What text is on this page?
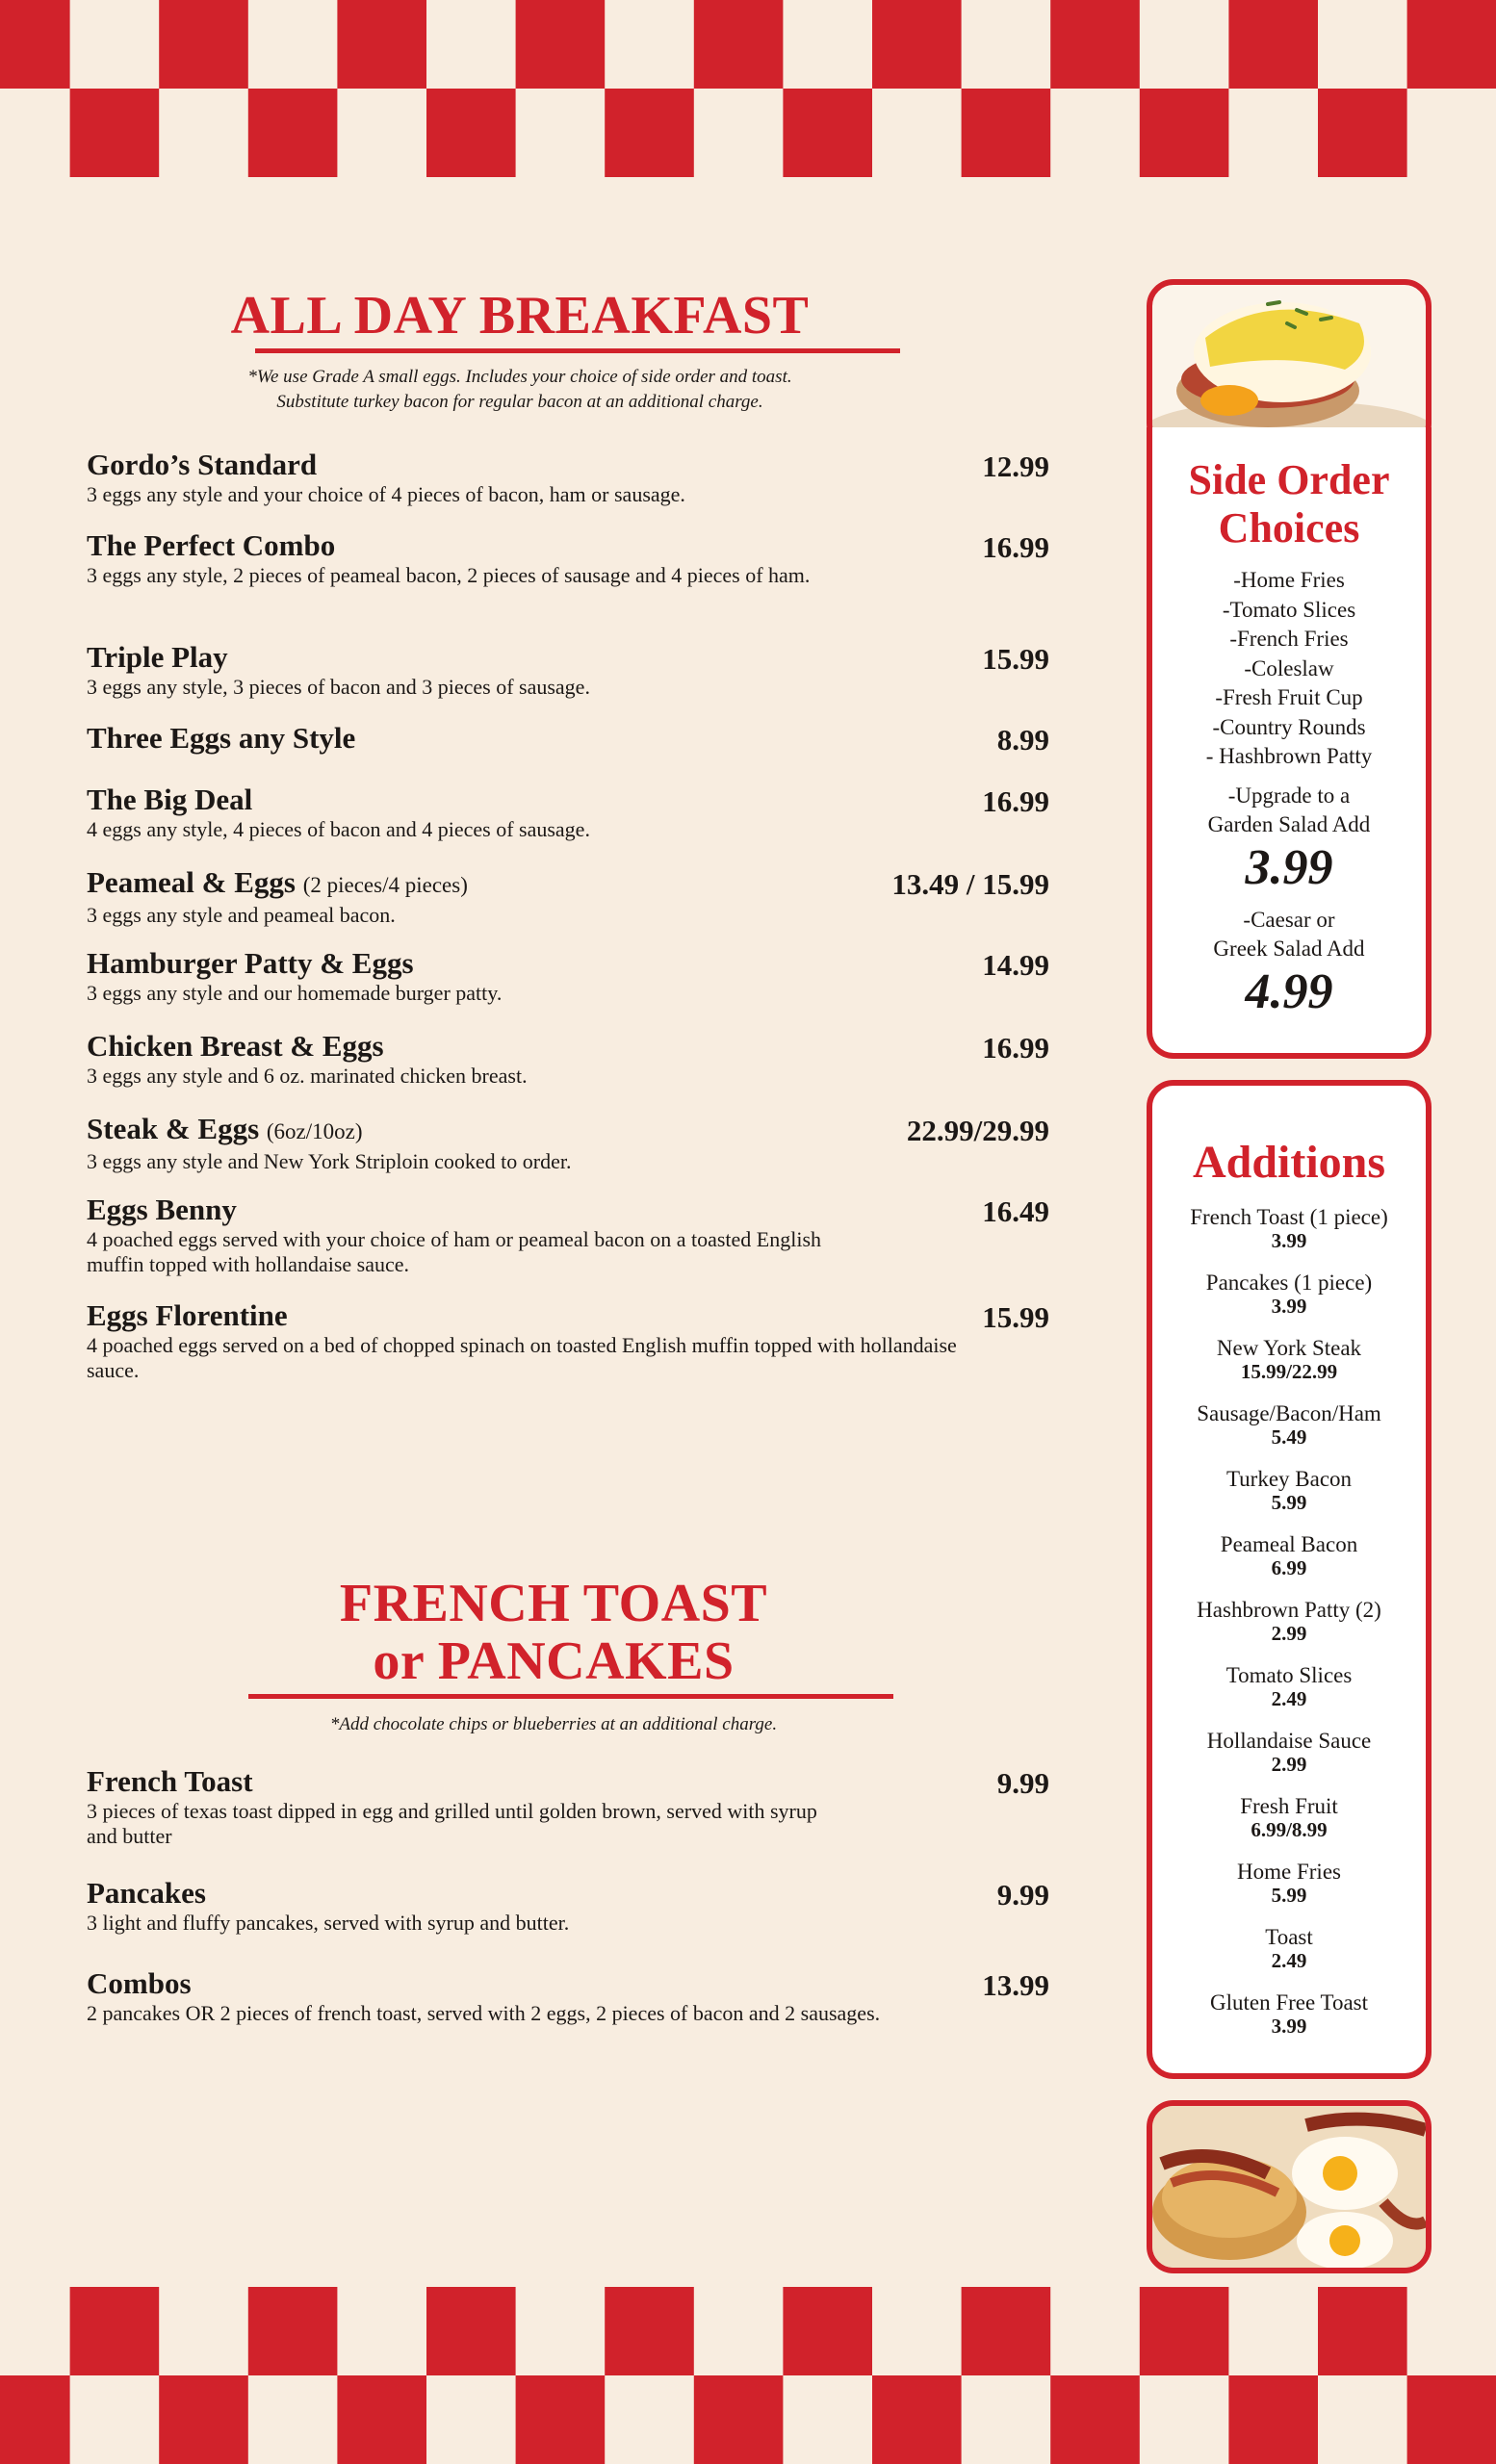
ALL DAY BREAKFAST
*We use Grade A small eggs. Includes your choice of side order and toast.
Substitute turkey bacon for regular bacon at an additional charge.
Gordo’s Standard	12.99
3 eggs any style and your choice of 4 pieces of bacon, ham or sausage.
The Perfect Combo	16.99
3 eggs any style, 2 pieces of peameal bacon, 2 pieces of sausage and 4 pieces of ham.
Triple Play	15.99
3 eggs any style, 3 pieces of bacon and 3 pieces of sausage.
Three Eggs any Style	8.99
The Big Deal	16.99
4 eggs any style, 4 pieces of bacon and 4 pieces of sausage.
Peameal & Eggs (2 pieces/4 pieces)	13.49 / 15.99
3 eggs any style and peameal bacon.
Hamburger Patty & Eggs	14.99
3 eggs any style and our homemade burger patty.
Chicken Breast & Eggs	16.99
3 eggs any style and 6 oz. marinated chicken breast.
Steak & Eggs (6oz/10oz)	22.99/29.99
3 eggs any style and New York Striploin cooked to order.
Eggs Benny	16.49
4 poached eggs served with your choice of ham or peameal bacon on a toasted English muffin topped with hollandaise sauce.
Eggs Florentine	15.99
4 poached eggs served on a bed of chopped spinach on toasted English muffin topped with hollandaise sauce.
FRENCH TOAST
or PANCAKES
*Add chocolate chips or blueberries at an additional charge.
French Toast	9.99
3 pieces of texas toast dipped in egg and grilled until golden brown, served with syrup and butter
Pancakes	9.99
3 light and fluffy pancakes, served with syrup and butter.
Combos	13.99
2 pancakes OR 2 pieces of french toast, served with 2 eggs, 2 pieces of bacon and 2 sausages.
Side Order
Choices
-Home Fries
-Tomato Slices
-French Fries
-Coleslaw
-Fresh Fruit Cup
-Country Rounds
- Hashbrown Patty
-Upgrade to a
Garden Salad Add
3.99
-Caesar or
Greek Salad Add
4.99
Additions
French Toast (1 piece)
3.99
Pancakes (1 piece)
3.99
New York Steak
15.99/22.99
Sausage/Bacon/Ham
5.49
Turkey Bacon
5.99
Peameal Bacon
6.99
Hashbrown Patty (2)
2.99
Tomato Slices
2.49
Hollandaise Sauce
2.99
Fresh Fruit
6.99/8.99
Home Fries
5.99
Toast
2.49
Gluten Free Toast
3.99
